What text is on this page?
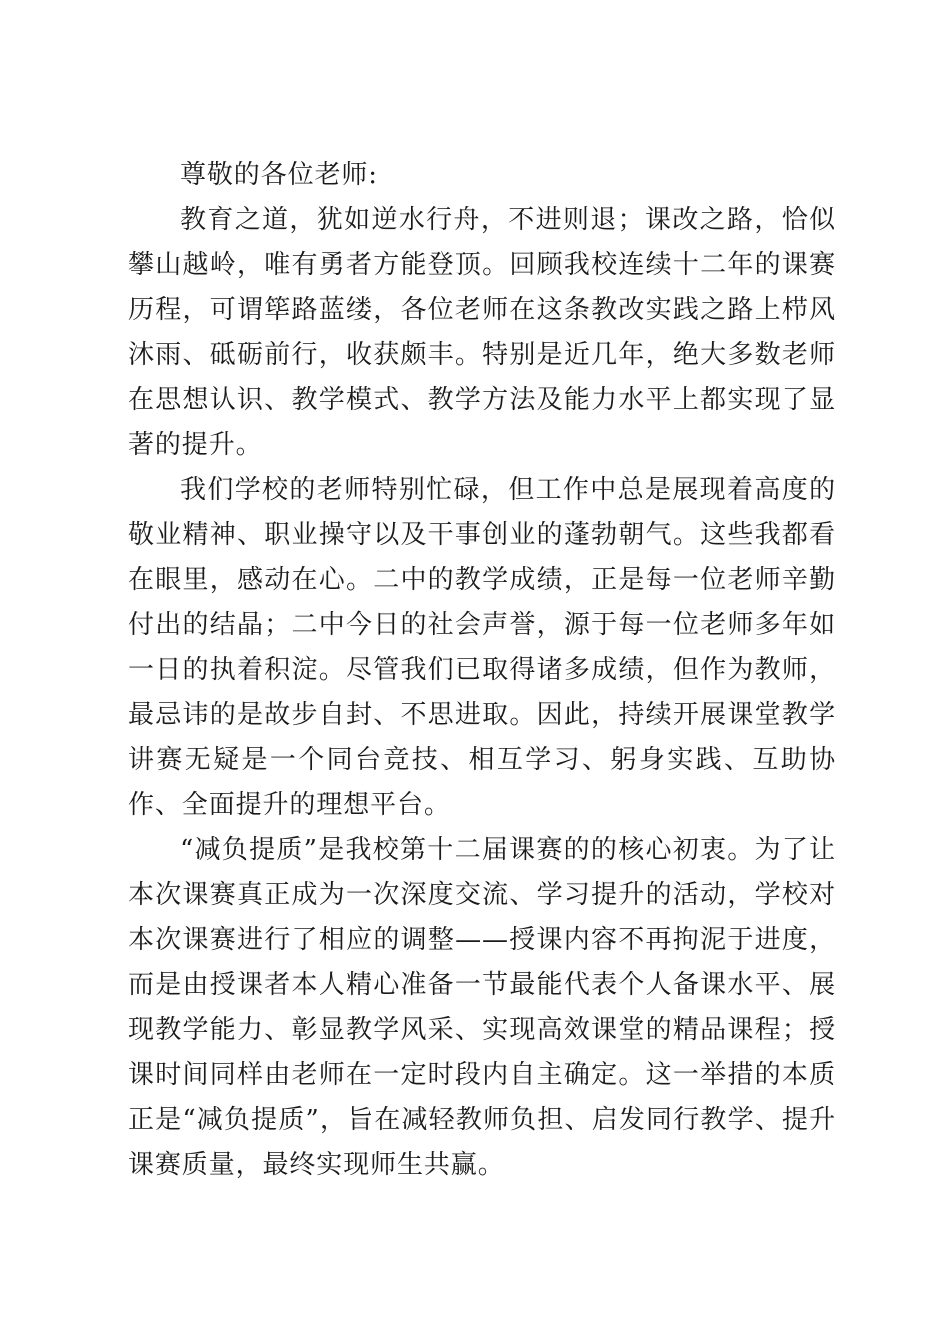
尊敬的各位老师:

教育之道，犹如逆水行舟，不进则退；课改之路，恰似攀山越岭，唯有勇者方能登顶。回顾我校连续十二年的课赛历程，可谓筚路蓝缕，各位老师在这条教改实践之路上栉风沐雨、砥砺前行，收获颇丰。特别是近几年，绝大多数老师在思想认识、教学模式、教学方法及能力水平上都实现了显著的提升。

我们学校的老师特别忙碌，但工作中总是展现着高度的敬业精神、职业操守以及干事创业的蓬勃朝气。这些我都看在眼里，感动在心。二中的教学成绩，正是每一位老师辛勤付出的结晶；二中今日的社会声誉，源于每一位老师多年如一日的执着积淀。尽管我们已取得诸多成绩，但作为教师，最忌讳的是故步自封、不思进取。因此，持续开展课堂教学讲赛无疑是一个同台竞技、相互学习、躬身实践、互助协作、全面提升的理想平台。

“减负提质”是我校第十二届课赛的的核心初衷。为了让本次课赛真正成为一次深度交流、学习提升的活动，学校对本次课赛进行了相应的调整——授课内容不再拘泥于进度，而是由授课者本人精心准备一节最能代表个人备课水平、展现教学能力、彰显教学风采、实现高效课堂的精品课程；授课时间同样由老师在一定时段内自主确定。这一举措的本质正是“减负提质”，旨在减轻教师负担、启发同行教学、提升课赛质量，最终实现师生共赢。
